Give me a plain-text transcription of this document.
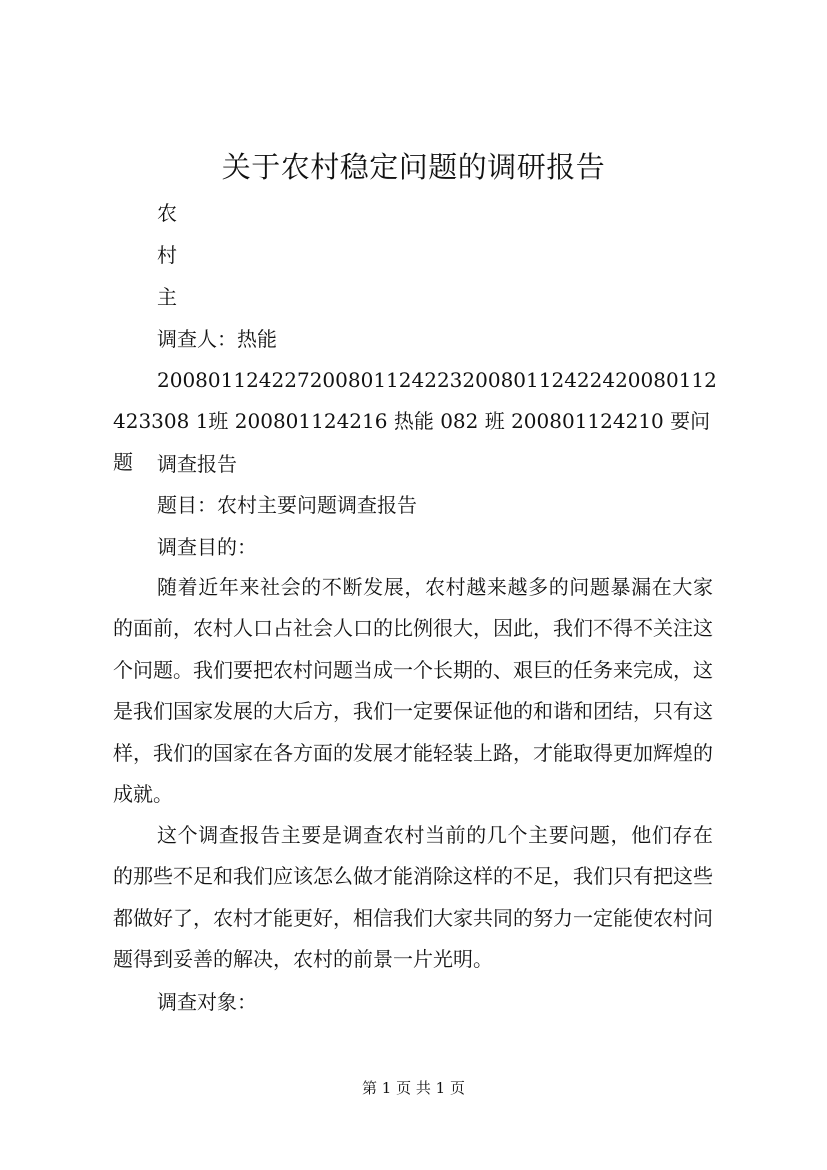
关于农村稳定问题的调研报告
农
村
主
调查人：热能

20080112422720080112422320080112422420080112423308 1班 200801124216 热能 082 班 200801124210 要问题	调查报告
题目：农村主要问题调查报告
调查目的：

随着近年来社会的不断发展，农村越来越多的问题暴漏在大家的面前，农村人口占社会人口的比例很大，因此，我们不得不关注这个问题。我们要把农村问题当成一个长期的、艰巨的任务来完成，这是我们国家发展的大后方，我们一定要保证他的和谐和团结，只有这样，我们的国家在各方面的发展才能轻装上路，才能取得更加辉煌的成就。

这个调查报告主要是调查农村当前的几个主要问题，他们存在的那些不足和我们应该怎么做才能消除这样的不足，我们只有把这些都做好了，农村才能更好，相信我们大家共同的努力一定能使农村问题得到妥善的解决，农村的前景一片光明。

调查对象：
第 1 页 共 1 页
